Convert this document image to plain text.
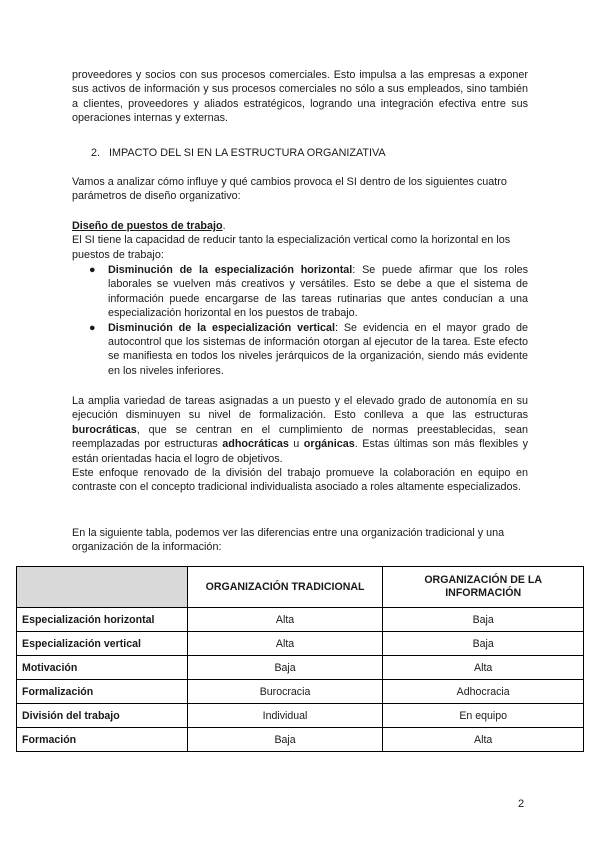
proveedores y socios con sus procesos comerciales. Esto impulsa a las empresas a exponer sus activos de información y sus procesos comerciales no sólo a sus empleados, sino también a clientes, proveedores y aliados estratégicos, logrando una integración efectiva entre sus operaciones internas y externas.

2. IMPACTO DEL SI EN LA ESTRUCTURA ORGANIZATIVA

Vamos a analizar cómo influye y qué cambios provoca el SI dentro de los siguientes cuatro parámetros de diseño organizativo:

Diseño de puestos de trabajo.
El SI tiene la capacidad de reducir tanto la especialización vertical como la horizontal en los puestos de trabajo:
● Disminución de la especialización horizontal: Se puede afirmar que los roles laborales se vuelven más creativos y versátiles. Esto se debe a que el sistema de información puede encargarse de las tareas rutinarias que antes conducían a una especialización horizontal en los puestos de trabajo.
● Disminución de la especialización vertical: Se evidencia en el mayor grado de autocontrol que los sistemas de información otorgan al ejecutor de la tarea. Este efecto se manifiesta en todos los niveles jerárquicos de la organización, siendo más evidente en los niveles inferiores.

La amplia variedad de tareas asignadas a un puesto y el elevado grado de autonomía en su ejecución disminuyen su nivel de formalización. Esto conlleva a que las estructuras burocráticas, que se centran en el cumplimiento de normas preestablecidas, sean reemplazadas por estructuras adhocráticas u orgánicas. Estas últimas son más flexibles y están orientadas hacia el logro de objetivos.

Este enfoque renovado de la división del trabajo promueve la colaboración en equipo en contraste con el concepto tradicional individualista asociado a roles altamente especializados.

En la siguiente tabla, podemos ver las diferencias entre una organización tradicional y una organización de la información:

	ORGANIZACIÓN TRADICIONAL	ORGANIZACIÓN DE LA INFORMACIÓN
Especialización horizontal	Alta	Baja
Especialización vertical	Alta	Baja
Motivación	Baja	Alta
Formalización	Burocracia	Adhocracia
División del trabajo	Individual	En equipo
Formación	Baja	Alta
2
